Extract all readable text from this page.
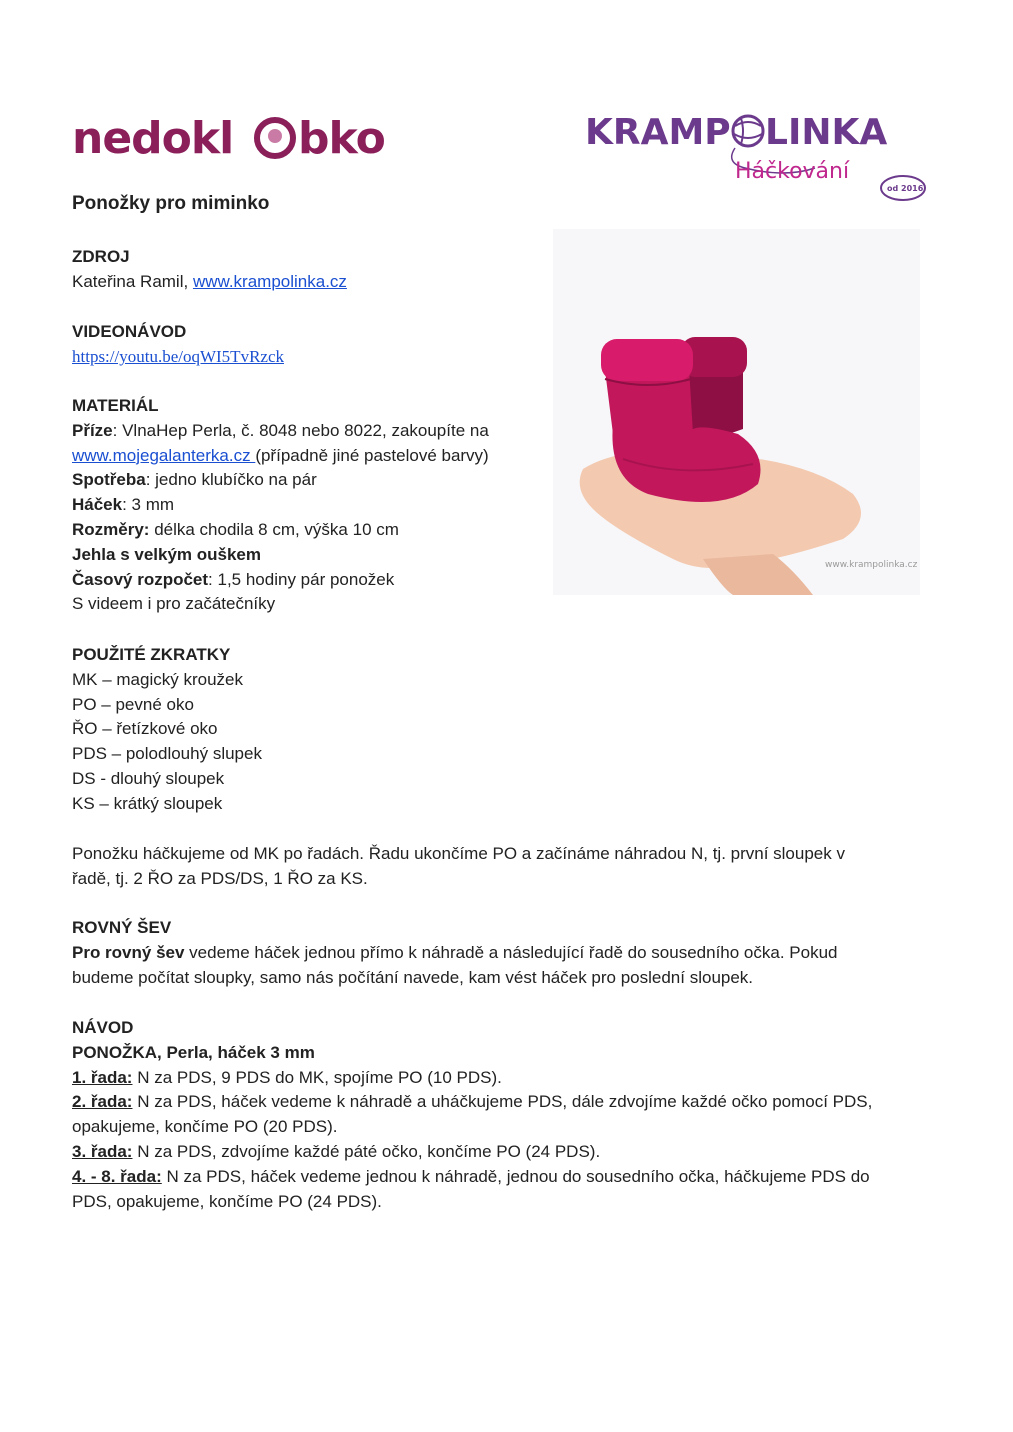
nedokl bko	KRAMP LINKA
Háčkování
od 2016
Ponožky pro miminko
ZDROJ
Kateřina Ramil, www.krampolinka.cz
VIDEONÁVOD
https://youtu.be/oqWI5TvRzck
MATERIÁL
Příze: VlnaHep Perla, č. 8048 nebo 8022, zakoupíte na
www.mojegalanterka.cz (případně jiné pastelové barvy)
Spotřeba: jedno klubíčko na pár
Háček: 3 mm
Rozměry: délka chodila 8 cm, výška 10 cm
Jehla s velkým ouškem
Časový rozpočet: 1,5 hodiny pár ponožek
S videem i pro začátečníky
www.krampolinka.cz
POUŽITÉ ZKRATKY
MK – magický kroužek
PO – pevné oko
ŘO – řetízkové oko
PDS – polodlouhý slupek
DS - dlouhý sloupek
KS – krátký sloupek
Ponožku háčkujeme od MK po řadách. Řadu ukončíme PO a začínáme náhradou N, tj. první sloupek v
řadě, tj. 2 ŘO za PDS/DS, 1 ŘO za KS.
ROVNÝ ŠEV
Pro rovný šev vedeme háček jednou přímo k náhradě a následující řadě do sousedního očka. Pokud
budeme počítat sloupky, samo nás počítání navede, kam vést háček pro poslední sloupek.
NÁVOD
PONOŽKA, Perla, háček 3 mm
1. řada: N za PDS, 9 PDS do MK, spojíme PO (10 PDS).
2. řada: N za PDS, háček vedeme k náhradě a uháčkujeme PDS, dále zdvojíme každé očko pomocí PDS,
opakujeme, končíme PO (20 PDS).
3. řada: N za PDS, zdvojíme každé páté očko, končíme PO (24 PDS).
4. - 8. řada: N za PDS, háček vedeme jednou k náhradě, jednou do sousedního očka, háčkujeme PDS do
PDS, opakujeme, končíme PO (24 PDS).
